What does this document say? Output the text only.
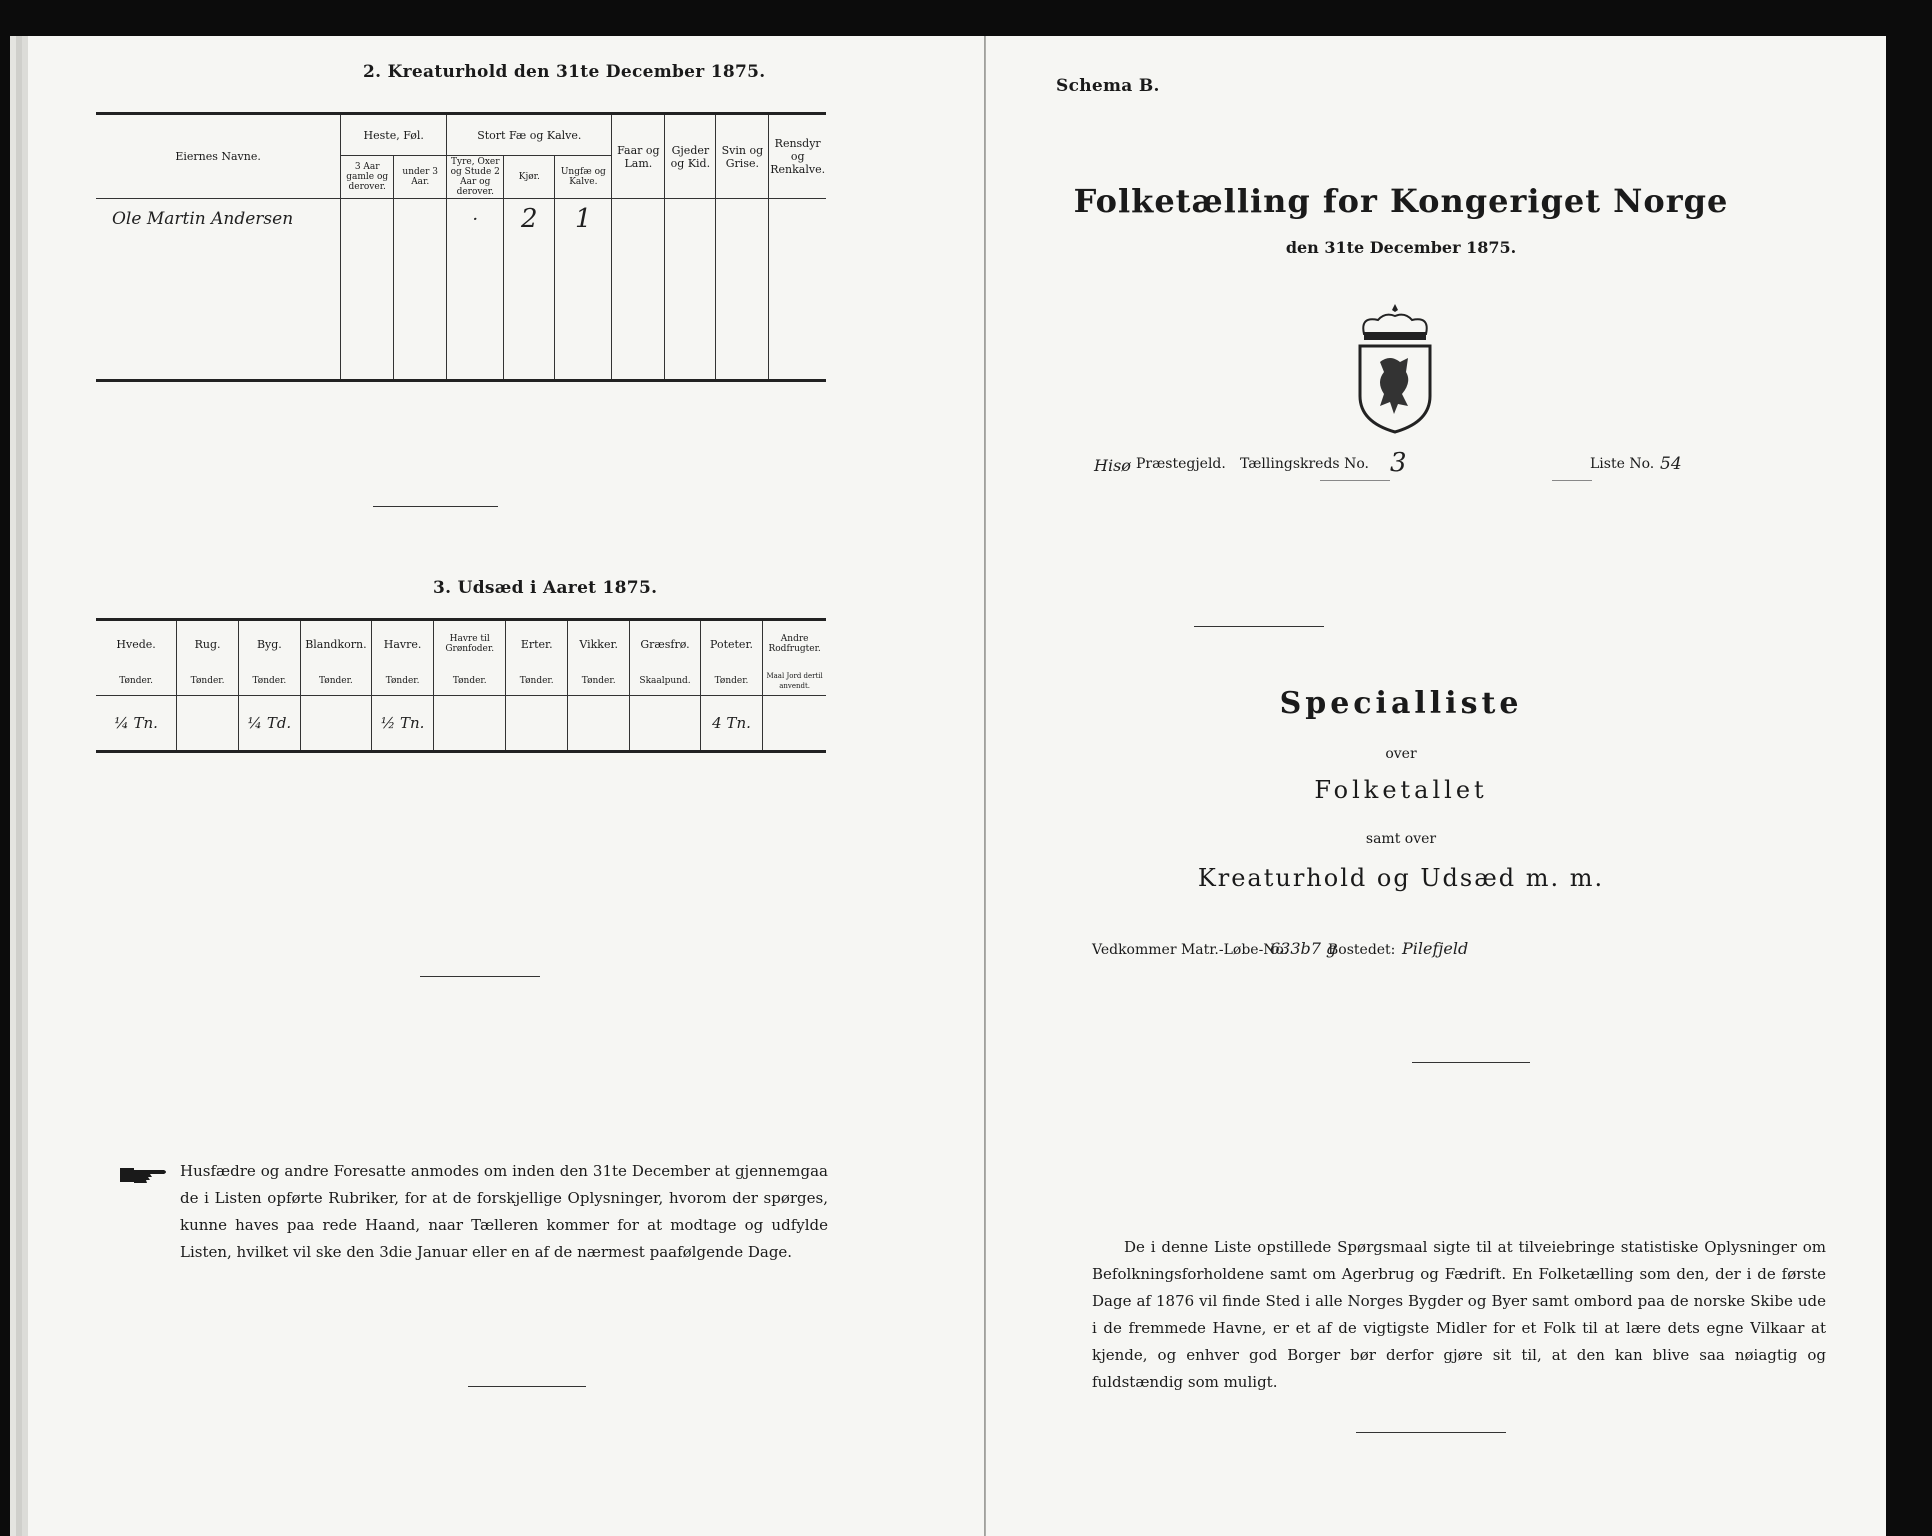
2. Kreaturhold den 31te December 1875.
Eiernes Navne.	Heste, Føl.		Stort Fæ og Kalve.			Faar og Lam.	Gjeder og Kid.	Svin og Grise.	Rensdyr og Renkalve.
	3 Aar gamle og derover.	under 3 Aar.	Tyre, Oxer og Stude 2 Aar og derover.	Kjør.	Ungfæ og Kalve.				
Ole Martin Andersen			·	2	1				

3. Udsæd i Aaret 1875.
Hvede.	Rug.	Byg.	Blandkorn.	Havre.	Havre til Grønfoder.	Erter.	Vikker.	Græsfrø.	Poteter.	Andre Rodfrugter.
Tønder.	Tønder.	Tønder.	Tønder.	Tønder.	Tønder.	Tønder.	Tønder.	Skaalpund.	Tønder.	Maal Jord dertil anvendt.
¼ Tn.		¼ Td.		½ Tn.					4 Tn.	
Husfædre og andre Foresatte anmodes om inden den 31te December at gjennemgaa de i Listen opførte Rubriker, for at de forskjellige Oplysninger, hvorom der spørges, kunne haves paa rede Haand, naar Tælleren kommer for at modtage og udfylde Listen, hvilket vil ske den 3die Januar eller en af de nærmest paafølgende Dage.
Schema B.
Folketælling for Kongeriget Norge
den 31te December 1875.
Hisø Præstegjeld. Tællingskreds No. 3	Liste No. 54
Specialliste
over
Folketallet
samt over
Kreaturhold og Udsæd m. m.
Vedkommer Matr.-Løbe-No.
633b7 g
Bostedet: Pilefjeld
De i denne Liste opstillede Spørgsmaal sigte til at tilveiebringe statistiske Oplysninger om Befolkningsforholdene samt om Agerbrug og Fædrift. En Folketælling som den, der i de første Dage af 1876 vil finde Sted i alle Norges Bygder og Byer samt ombord paa de norske Skibe ude i de fremmede Havne, er et af de vigtigste Midler for et Folk til at lære dets egne Vilkaar at kjende, og enhver god Borger bør derfor gjøre sit til, at den kan blive saa nøiagtig og fuldstændig som muligt.
